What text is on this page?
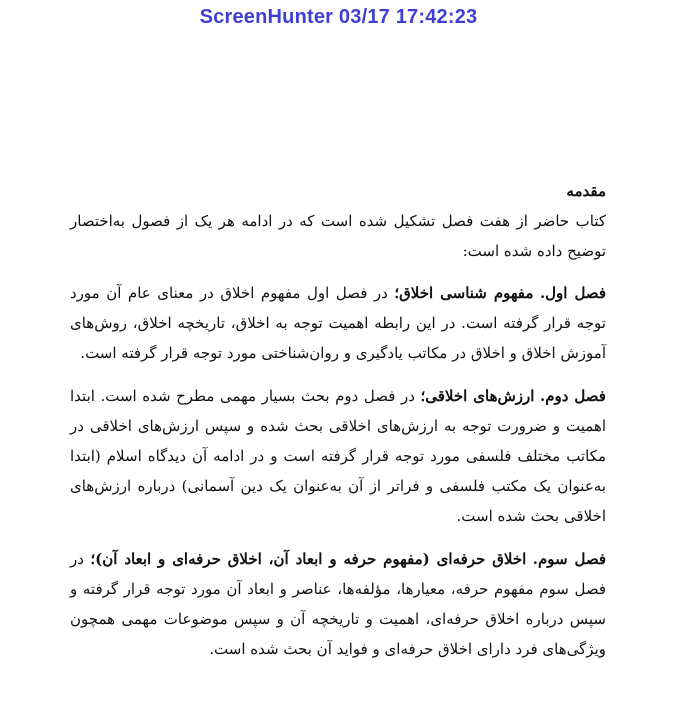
ScreenHunter 03/17 17:42:23

مقدمه

کتاب حاضر از هفت فصل تشکیل شده است که در ادامه هر یک از فصول به‌اختصار توضیح داده شده است:

فصل اول. مفهوم شناسی اخلاق؛ در فصل اول مفهوم اخلاق در معنای عام آن مورد توجه قرار گرفته است. در این رابطه اهمیت توجه به اخلاق، تاریخچه اخلاق، روش‌های آموزش اخلاق و اخلاق در مکاتب یادگیری و روان‌شناختی مورد توجه قرار گرفته است.

فصل دوم. ارزش‌های اخلاقی؛ در فصل دوم بحث بسیار مهمی مطرح شده است. ابتدا اهمیت و ضرورت توجه به ارزش‌های اخلاقی بحث شده و سپس ارزش‌های اخلاقی در مکاتب مختلف فلسفی مورد توجه قرار گرفته است و در ادامه آن دیدگاه اسلام (ابتدا به‌عنوان یک مکتب فلسفی و فراتر از آن به‌عنوان یک دین آسمانی) درباره ارزش‌های اخلاقی بحث شده است.

فصل سوم. اخلاق حرفه‌ای (مفهوم حرفه و ابعاد آن، اخلاق حرفه‌ای و ابعاد آن)؛ در فصل سوم مفهوم حرفه، معیارها، مؤلفه‌ها، عناصر و ابعاد آن مورد توجه قرار گرفته و سپس درباره اخلاق حرفه‌ای، اهمیت و تاریخچه آن و سپس موضوعات مهمی همچون ویژگی‌های فرد دارای اخلاق حرفه‌ای و فواید آن بحث شده است.
